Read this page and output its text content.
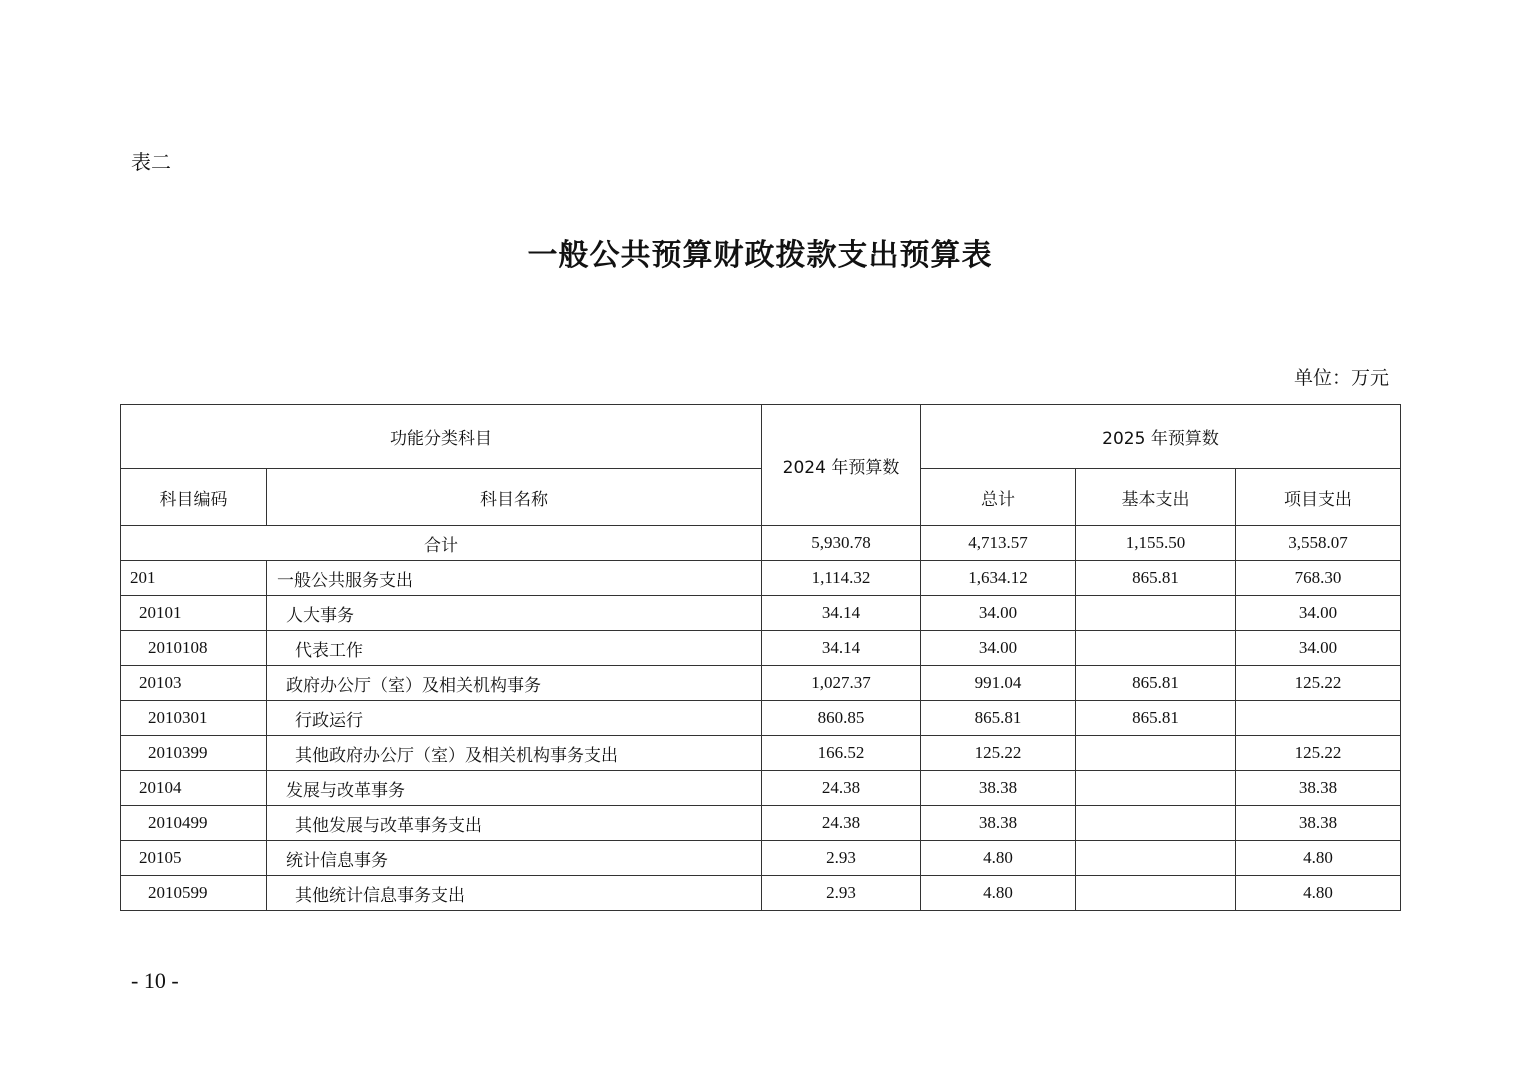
表二
一般公共预算财政拨款支出预算表
单位：万元
功能分类科目		2024 年预算数	2025 年预算数		
科目编码	科目名称		总计	基本支出	项目支出
合计		5,930.78	4,713.57	1,155.50	3,558.07
201	一般公共服务支出	1,114.32	1,634.12	865.81	768.30
20101	人大事务	34.14	34.00		34.00
2010108	代表工作	34.14	34.00		34.00
20103	政府办公厅（室）及相关机构事务	1,027.37	991.04	865.81	125.22
2010301	行政运行	860.85	865.81	865.81	
2010399	其他政府办公厅（室）及相关机构事务支出	166.52	125.22		125.22
20104	发展与改革事务	24.38	38.38		38.38
2010499	其他发展与改革事务支出	24.38	38.38		38.38
20105	统计信息事务	2.93	4.80		4.80
2010599	其他统计信息事务支出	2.93	4.80		4.80
- 10 -
